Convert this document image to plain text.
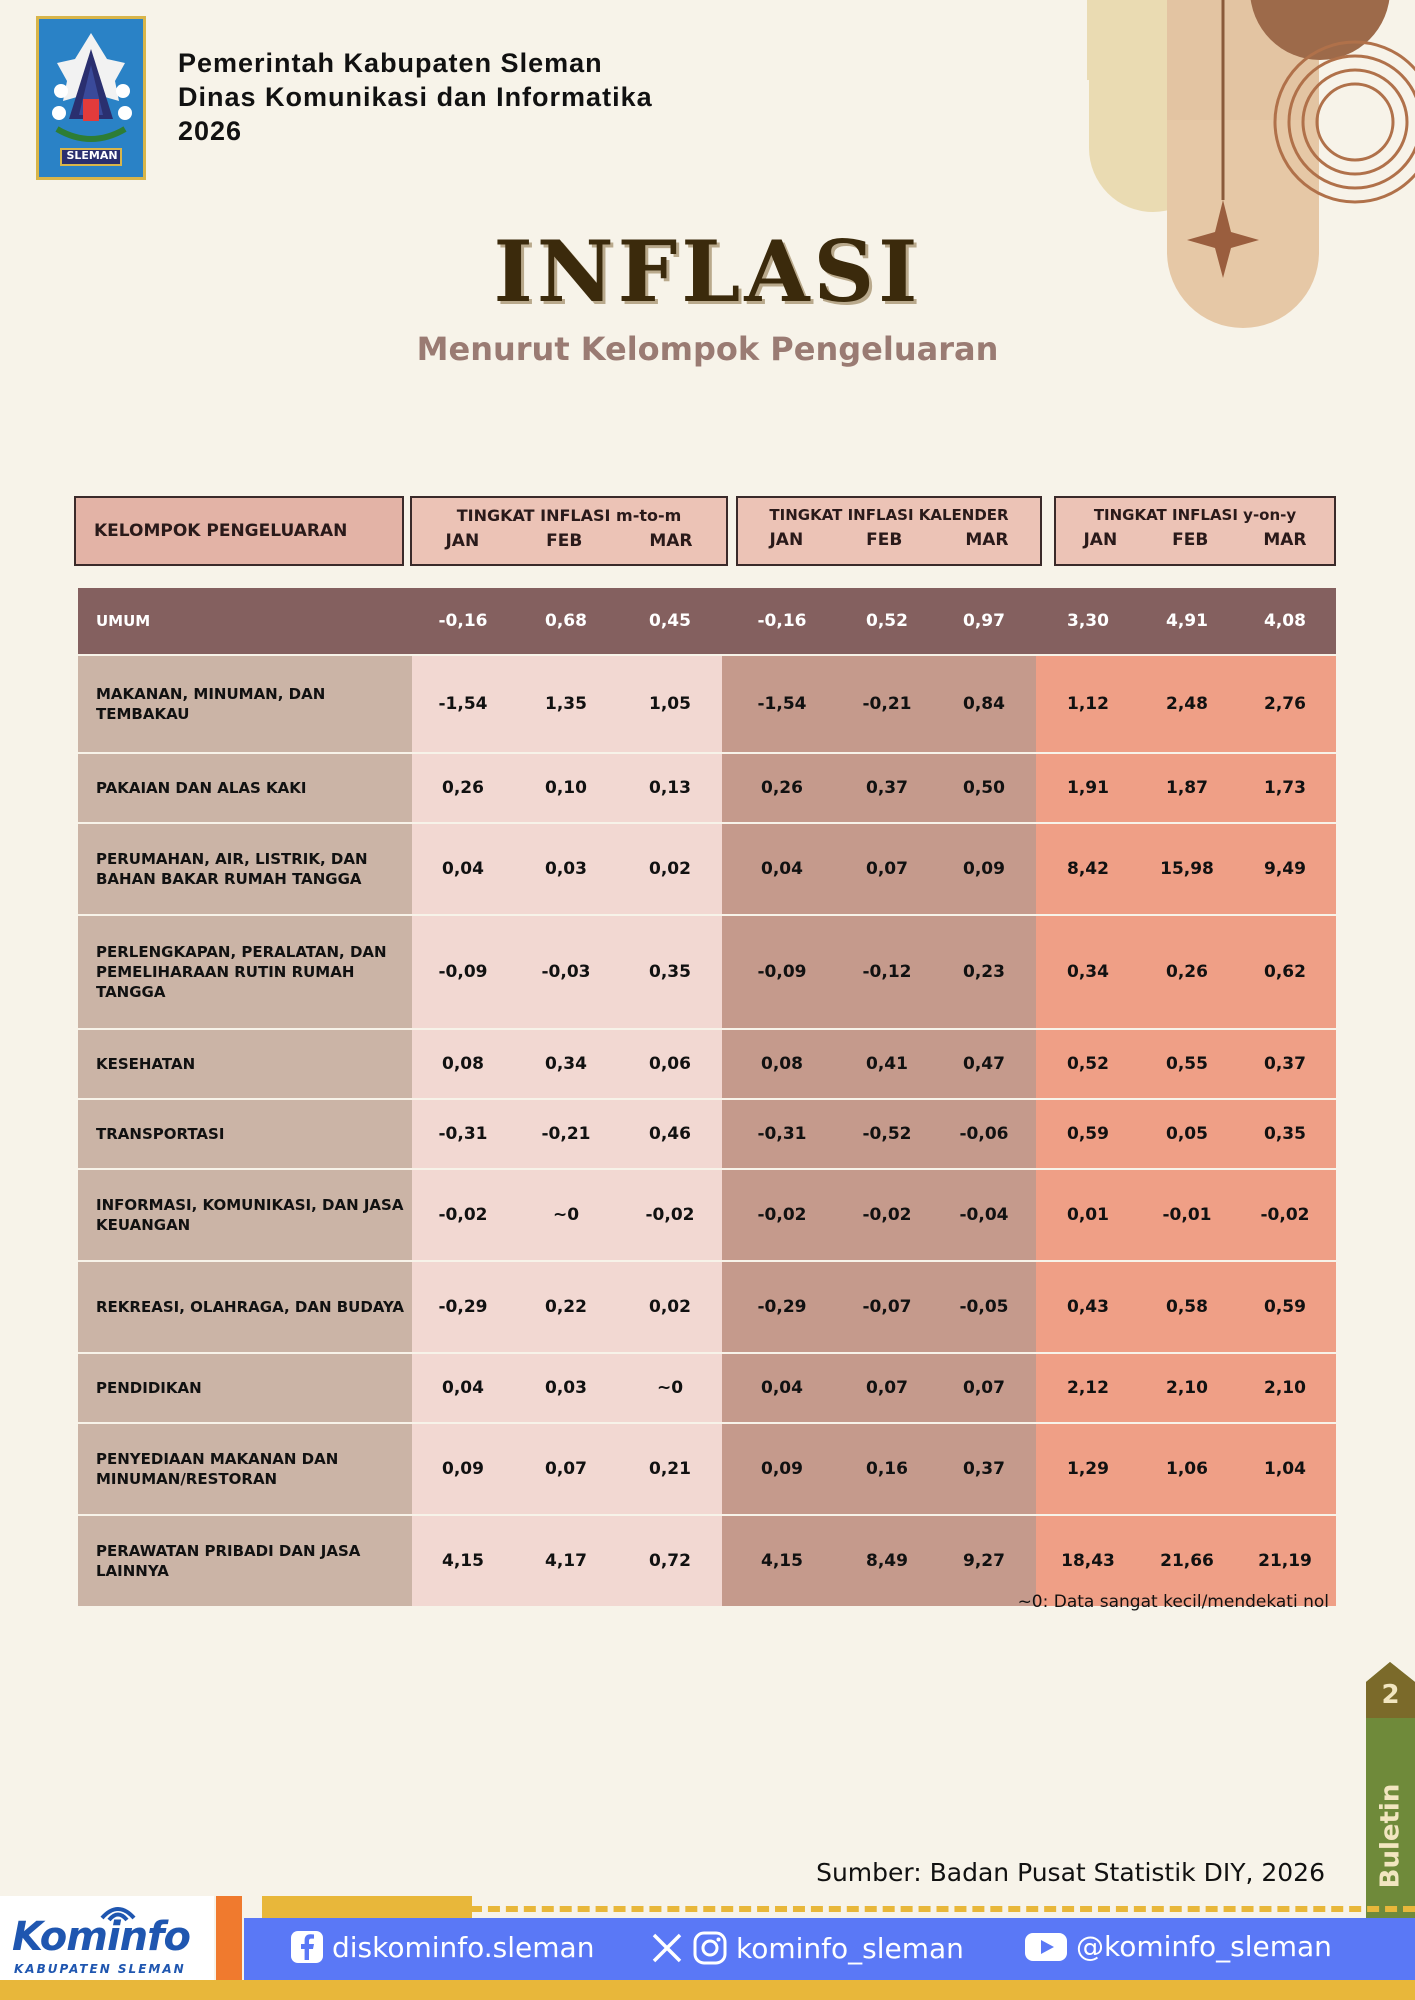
SLEMAN
Pemerintah Kabupaten Sleman
Dinas Komunikasi dan Informatika
2026
INFLASI
Menurut Kelompok Pengeluaran
KELOMPOK PENGELUARAN
TINGKAT INFLASI m-to-m
JAN	FEB	MAR
TINGKAT INFLASI KALENDER
JAN	FEB	MAR
TINGKAT INFLASI y-on-y
JAN	FEB	MAR
UMUM	-0,16	0,68	0,45	-0,16	0,52	0,97	3,30	4,91	4,08
MAKANAN, MINUMAN, DAN TEMBAKAU	-1,54	1,35	1,05	-1,54	-0,21	0,84	1,12	2,48	2,76
PAKAIAN DAN ALAS KAKI	0,26	0,10	0,13	0,26	0,37	0,50	1,91	1,87	1,73
PERUMAHAN, AIR, LISTRIK, DAN BAHAN BAKAR RUMAH TANGGA	0,04	0,03	0,02	0,04	0,07	0,09	8,42	15,98	9,49
PERLENGKAPAN, PERALATAN, DAN PEMELIHARAAN RUTIN RUMAH TANGGA	-0,09	-0,03	0,35	-0,09	-0,12	0,23	0,34	0,26	0,62
KESEHATAN	0,08	0,34	0,06	0,08	0,41	0,47	0,52	0,55	0,37
TRANSPORTASI	-0,31	-0,21	0,46	-0,31	-0,52	-0,06	0,59	0,05	0,35
INFORMASI, KOMUNIKASI, DAN JASA KEUANGAN	-0,02	~0	-0,02	-0,02	-0,02	-0,04	0,01	-0,01	-0,02
REKREASI, OLAHRAGA, DAN BUDAYA	-0,29	0,22	0,02	-0,29	-0,07	-0,05	0,43	0,58	0,59
PENDIDIKAN	0,04	0,03	~0	0,04	0,07	0,07	2,12	2,10	2,10
PENYEDIAAN MAKANAN DAN MINUMAN/RESTORAN	0,09	0,07	0,21	0,09	0,16	0,37	1,29	1,06	1,04
PERAWATAN PRIBADI DAN JASA LAINNYA	4,15	4,17	0,72	4,15	8,49	9,27	18,43	21,66	21,19
~0: Data sangat kecil/mendekati nol
Sumber: Badan Pusat Statistik DIY, 2026
2
Buletin
Kominfo
KABUPATEN SLEMAN
diskominfo.sleman	kominfo_sleman	@kominfo_sleman
